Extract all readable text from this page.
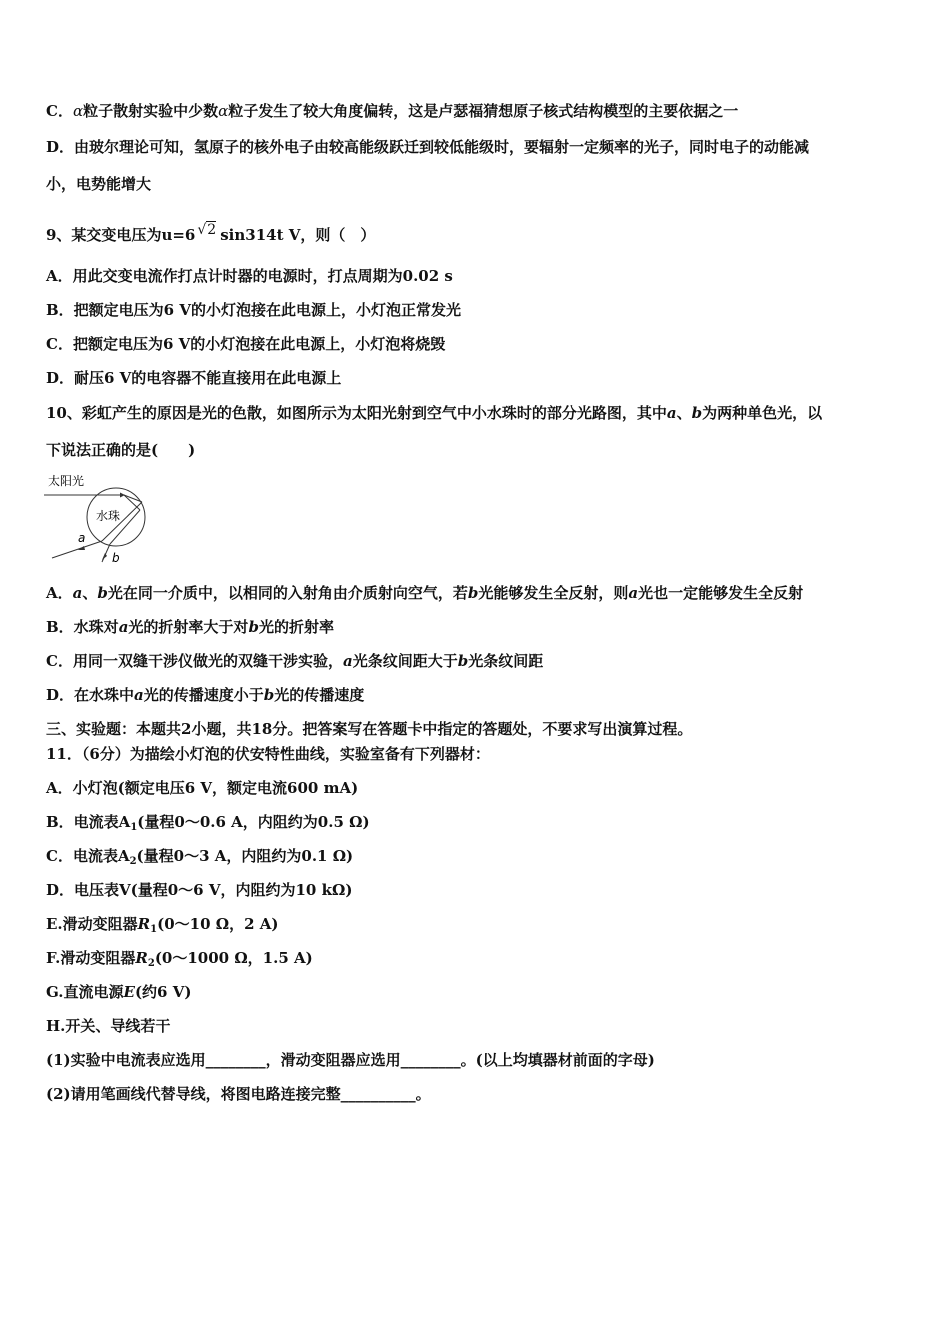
C．α粒子散射实验中少数α粒子发生了较大角度偏转，这是卢瑟福猜想原子核式结构模型的主要依据之一
D．由玻尔理论可知，氢原子的核外电子由较高能级跃迁到较低能级时，要辐射一定频率的光子，同时电子的动能减
小，电势能增大
9、某交变电压为u=6 √2 sin314t V，则（　）
A．用此交变电流作打点计时器的电源时，打点周期为0.02 s
B．把额定电压为6 V的小灯泡接在此电源上，小灯泡正常发光
C．把额定电压为6 V的小灯泡接在此电源上，小灯泡将烧毁
D．耐压6 V的电容器不能直接用在此电源上
10、彩虹产生的原因是光的色散，如图所示为太阳光射到空气中小水珠时的部分光路图，其中a、b为两种单色光，以
下说法正确的是(　　)
太阳光
水珠
a
b
A．a、b光在同一介质中，以相同的入射角由介质射向空气，若b光能够发生全反射，则a光也一定能够发生全反射
B．水珠对a光的折射率大于对b光的折射率
C．用同一双缝干涉仪做光的双缝干涉实验，a光条纹间距大于b光条纹间距
D．在水珠中a光的传播速度小于b光的传播速度
三、实验题：本题共2小题，共18分。把答案写在答题卡中指定的答题处，不要求写出演算过程。
11．（6分）为描绘小灯泡的伏安特性曲线，实验室备有下列器材：
A．小灯泡(额定电压6 V，额定电流600 mA)
B．电流表$A_1$(量程0～0.6 A，内阻约为0.5 Ω)
C．电流表$A_2$(量程0～3 A，内阻约为0.1 Ω)
D．电压表V(量程0～6 V，内阻约为10 kΩ)
E.滑动变阻器$R_1(0\sim 10$ Ω，2 A)
F.滑动变阻器$R_2(0\sim 1000$ Ω，1.5 A)
G.直流电源E(约6 V)
H.开关、导线若干
(1)实验中电流表应选用________，滑动变阻器应选用________。(以上均填器材前面的字母)
(2)请用笔画线代替导线，将图电路连接完整__________。
